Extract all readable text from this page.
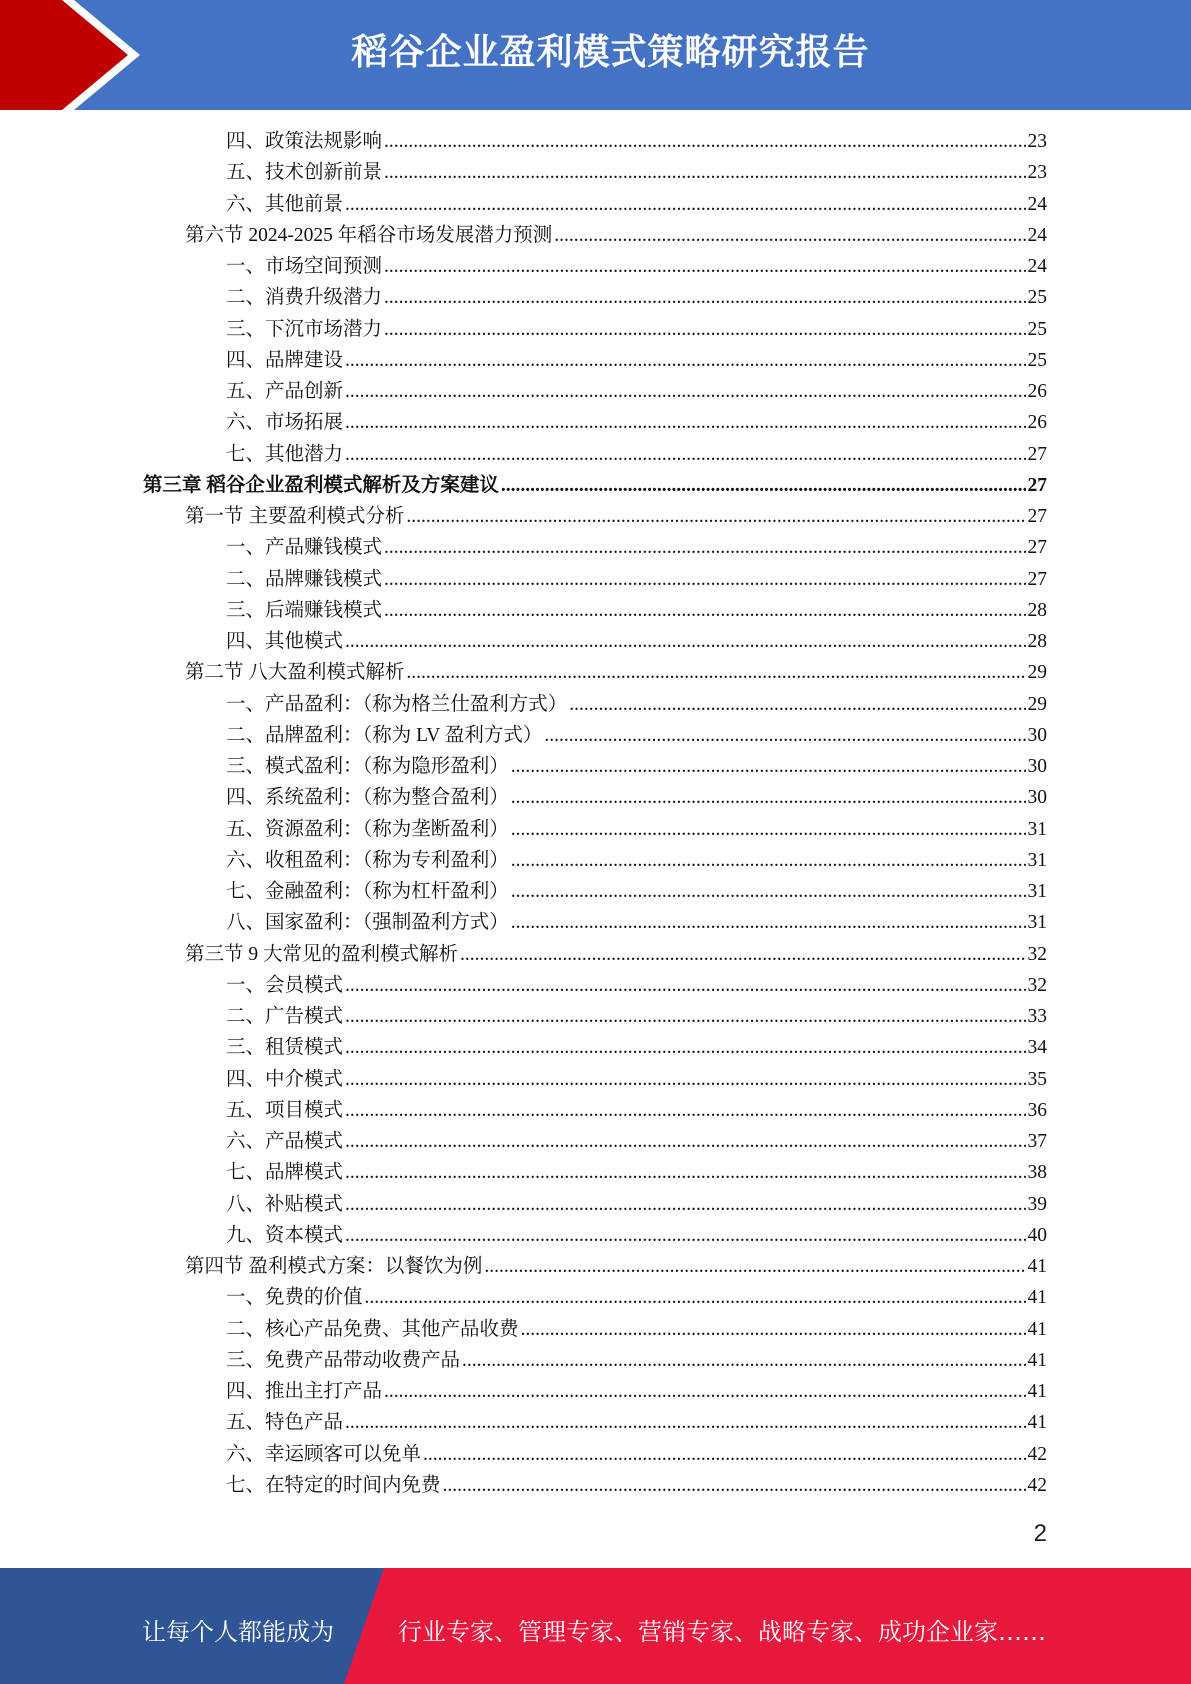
稻谷企业盈利模式策略研究报告
四、政策法规影响 .....	23
五、技术创新前景 .....	23
六、其他前景 .....	24
第六节 2024-2025 年稻谷市场发展潜力预测 .....	24
一、市场空间预测 .....	24
二、消费升级潜力 .....	25
三、下沉市场潜力 .....	25
四、品牌建设 .....	25
五、产品创新 .....	26
六、市场拓展 .....	26
七、其他潜力 .....	27
第三章 稻谷企业盈利模式解析及方案建议 .....	27
第一节 主要盈利模式分析 .....	27
一、产品赚钱模式 .....	27
二、品牌赚钱模式 .....	27
三、后端赚钱模式 .....	28
四、其他模式 .....	28
第二节 八大盈利模式解析 .....	29
一、产品盈利：（称为格兰仕盈利方式） .....	29
二、品牌盈利：（称为 LV 盈利方式） .....	30
三、模式盈利：（称为隐形盈利） .....	30
四、系统盈利：（称为整合盈利） .....	30
五、资源盈利：（称为垄断盈利） .....	31
六、收租盈利：（称为专利盈利） .....	31
七、金融盈利：（称为杠杆盈利） .....	31
八、国家盈利：（强制盈利方式） .....	31
第三节 9 大常见的盈利模式解析 .....	32
一、会员模式 .....	32
二、广告模式 .....	33
三、租赁模式 .....	34
四、中介模式 .....	35
五、项目模式 .....	36
六、产品模式 .....	37
七、品牌模式 .....	38
八、补贴模式 .....	39
九、资本模式 .....	40
第四节 盈利模式方案：以餐饮为例 .....	41
一、免费的价值 .....	41
二、核心产品免费、其他产品收费 .....	41
三、免费产品带动收费产品 .....	41
四、推出主打产品 .....	41
五、特色产品 .....	41
六、幸运顾客可以免单 .....	42
七、在特定的时间内免费 .....	42
2
让每个人都能成为	行业专家、管理专家、营销专家、战略专家、成功企业家……
